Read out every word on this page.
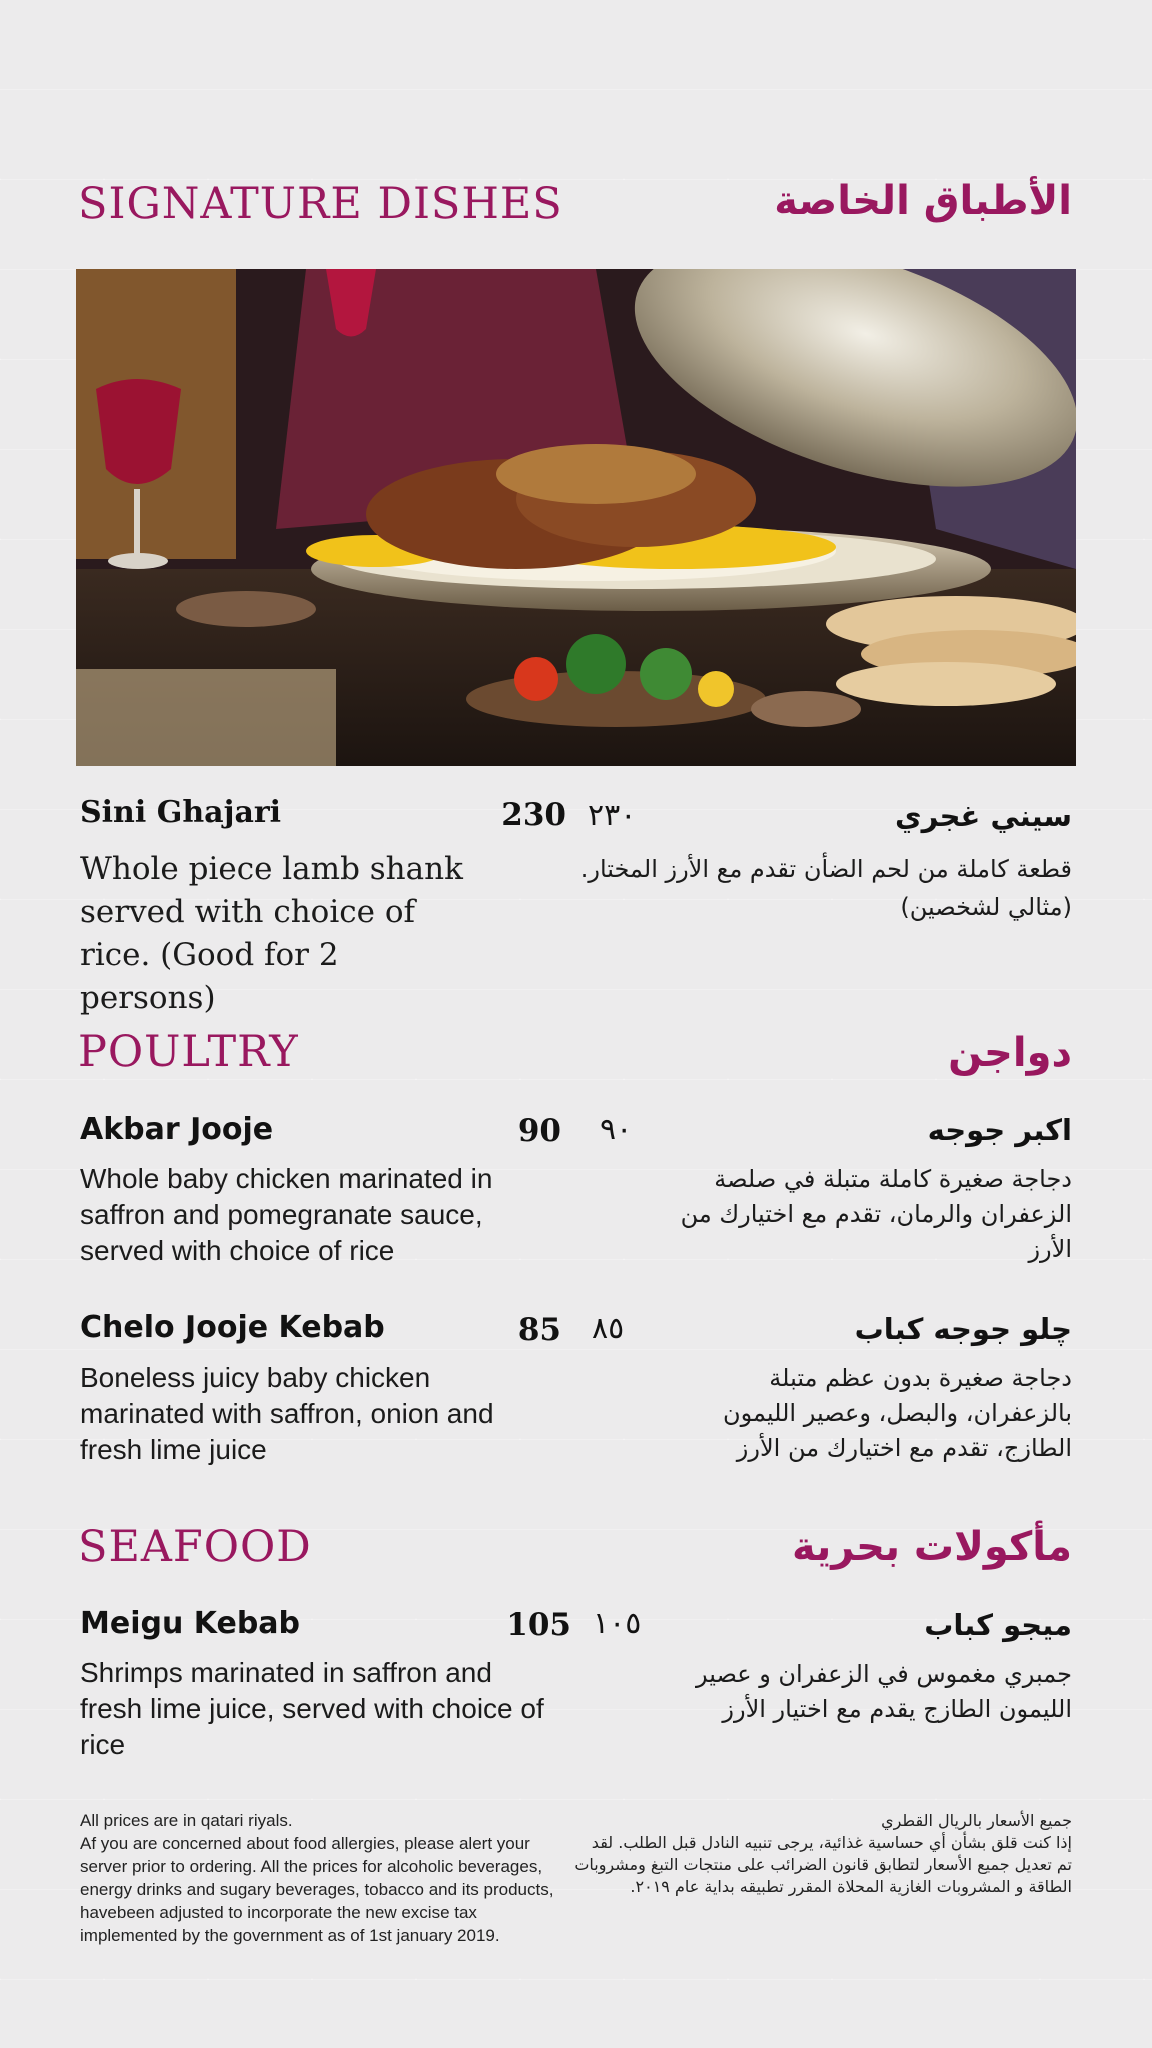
SIGNATURE DISHES	الأطباق الخاصة
Sini Ghajari	230 ٢٣٠	سيني غجري
Whole piece lamb shank served with choice of rice. (Good for 2 persons)
قطعة كاملة من لحم الضأن تقدم مع الأرز المختار. (مثالي لشخصين)
POULTRY	دواجن
Akbar Jooje	90 ٩٠	اكبر جوجه
Whole baby chicken marinated in saffron and pomegranate sauce, served with choice of rice
دجاجة صغيرة كاملة متبلة في صلصة الزعفران والرمان، تقدم مع اختيارك من الأرز
Chelo Jooje Kebab	85 ٨٥	چلو جوجه كباب
Boneless juicy baby chicken marinated with saffron, onion and fresh lime juice
دجاجة صغيرة بدون عظم متبلة بالزعفران، والبصل، وعصير الليمون الطازج، تقدم مع اختيارك من الأرز
SEAFOOD	مأكولات بحرية
Meigu Kebab	105 ١٠٥	ميجو كباب
Shrimps marinated in saffron and fresh lime juice, served with choice of rice
جمبري مغموس في الزعفران و عصير الليمون الطازج يقدم مع اختيار الأرز
All prices are in qatari riyals.
Af you are concerned about food allergies, please alert your server prior to ordering. All the prices for alcoholic beverages, energy drinks and sugary beverages, tobacco and its products, havebeen adjusted to incorporate the new excise tax implemented by the government as of 1st january 2019.
جميع الأسعار بالريال القطري
إذا كنت قلق بشأن أي حساسية غذائية، يرجى تنبيه النادل قبل الطلب. لقد تم تعديل جميع الأسعار لتطابق قانون الضرائب على منتجات التبغ ومشروبات الطاقة و المشروبات الغازية المحلاة المقرر تطبيقه بداية عام ٢٠١٩.
